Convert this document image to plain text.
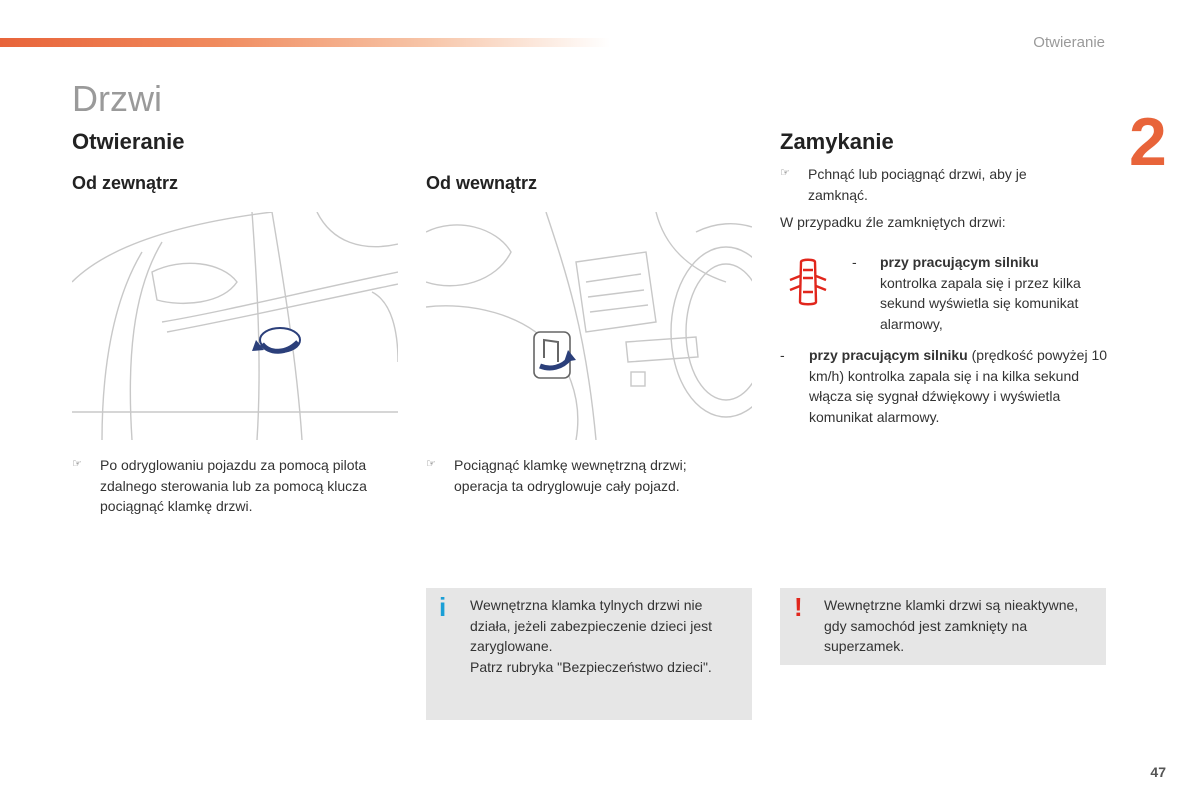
Otwieranie
2
Drzwi
Otwieranie
Od zewnątrz	Od wewnątrz
☞	Po odryglowaniu pojazdu za pomocą pilota zdalnego sterowania lub za pomocą klucza pociągnąć klamkę drzwi.
☞	Pociągnąć klamkę wewnętrzną drzwi; operacja ta odryglowuje cały pojazd.
Zamykanie
☞	Pchnąć lub pociągnąć drzwi, aby je zamknąć.
W przypadku źle zamkniętych drzwi:
- przy pracującym silniku
kontrolka zapala się i przez kilka sekund wyświetla się komunikat alarmowy,
- przy pracującym silniku (prędkość powyżej 10 km/h) kontrolka zapala się i na kilka sekund włącza się sygnał dźwiękowy i wyświetla komunikat alarmowy.
i Wewnętrzna klamka tylnych drzwi nie działa, jeżeli zabezpieczenie dzieci jest zaryglowane.
Patrz rubryka "Bezpieczeństwo dzieci".
! Wewnętrzne klamki drzwi są nieaktywne, gdy samochód jest zamknięty na superzamek.
47
